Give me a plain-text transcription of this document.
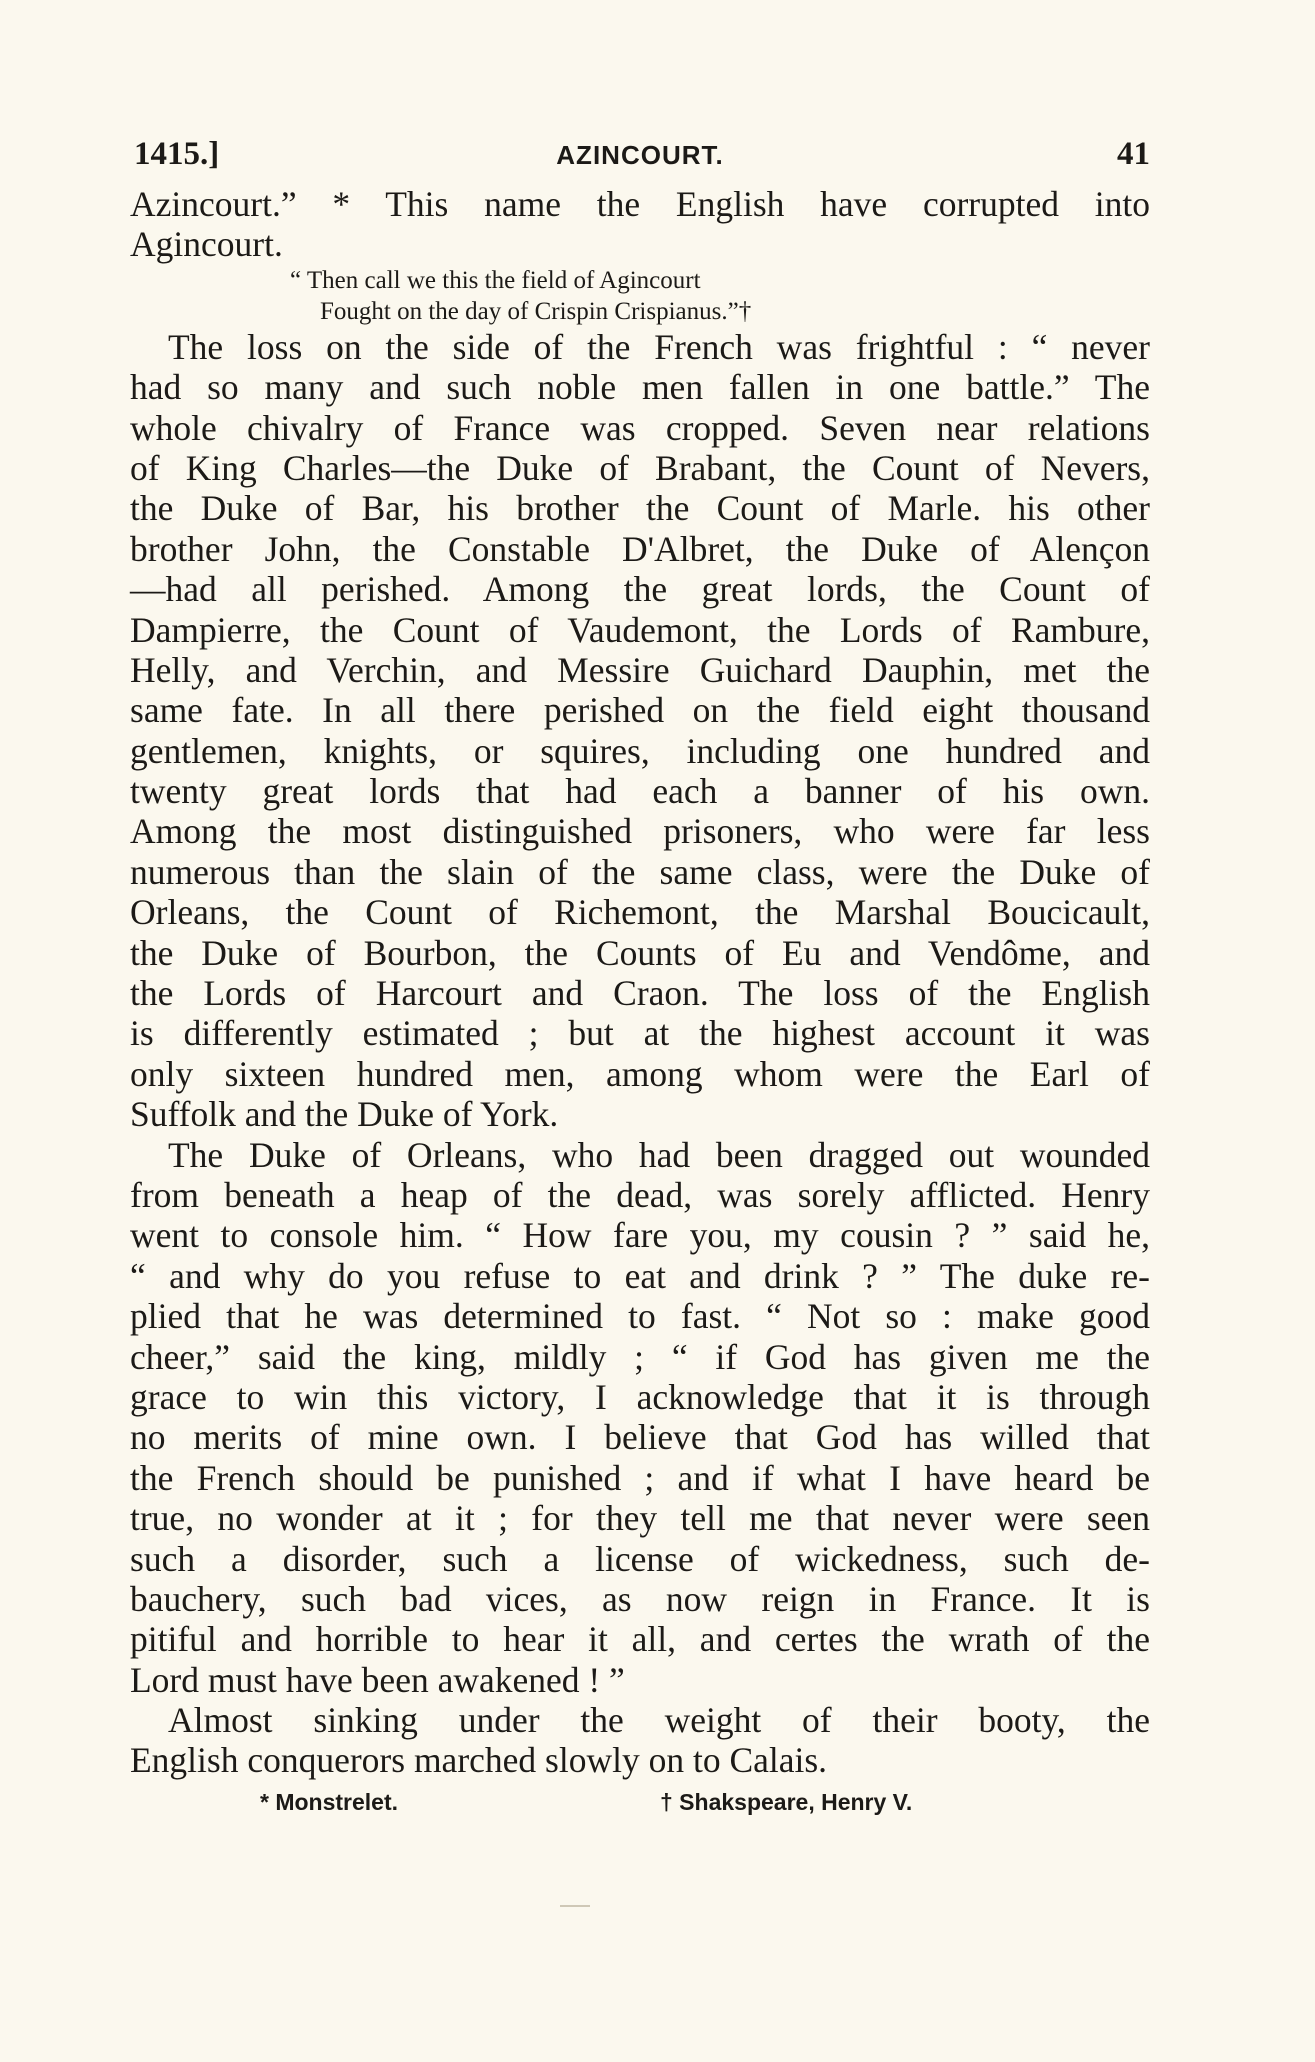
1415.]	AZINCOURT.	41
Azincourt.” * This name the English have corrupted into
Agincourt.
“ Then call we this the field of Agincourt
Fought on the day of Crispin Crispianus.”†
The loss on the side of the French was frightful : “ never
had so many and such noble men fallen in one battle.” The
whole chivalry of France was cropped. Seven near relations
of King Charles—the Duke of Brabant, the Count of Nevers,
the Duke of Bar, his brother the Count of Marle. his other
brother John, the Constable D'Albret, the Duke of Alençon
—had all perished. Among the great lords, the Count of
Dampierre, the Count of Vaudemont, the Lords of Rambure,
Helly, and Verchin, and Messire Guichard Dauphin, met the
same fate. In all there perished on the field eight thousand
gentlemen, knights, or squires, including one hundred and
twenty great lords that had each a banner of his own.
Among the most distinguished prisoners, who were far less
numerous than the slain of the same class, were the Duke of
Orleans, the Count of Richemont, the Marshal Boucicault,
the Duke of Bourbon, the Counts of Eu and Vendôme, and
the Lords of Harcourt and Craon. The loss of the English
is differently estimated ; but at the highest account it was
only sixteen hundred men, among whom were the Earl of
Suffolk and the Duke of York.
The Duke of Orleans, who had been dragged out wounded
from beneath a heap of the dead, was sorely afflicted. Henry
went to console him. “ How fare you, my cousin ? ” said he,
“ and why do you refuse to eat and drink ? ” The duke re-
plied that he was determined to fast. “ Not so : make good
cheer,” said the king, mildly ; “ if God has given me the
grace to win this victory, I acknowledge that it is through
no merits of mine own. I believe that God has willed that
the French should be punished ; and if what I have heard be
true, no wonder at it ; for they tell me that never were seen
such a disorder, such a license of wickedness, such de-
bauchery, such bad vices, as now reign in France. It is
pitiful and horrible to hear it all, and certes the wrath of the
Lord must have been awakened ! ”
Almost sinking under the weight of their booty, the
English conquerors marched slowly on to Calais.
* Monstrelet.	† Shakspeare, Henry V.
